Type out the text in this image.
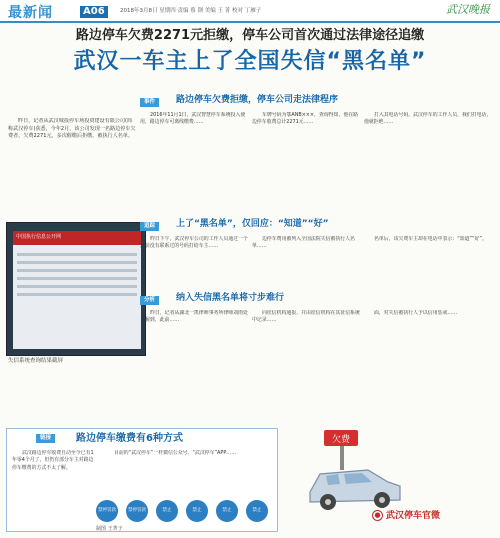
最新闻	A06	2018年3月8日 星期四 责编 蔡 钢 美编 王 菁 校对 丁雁子	武汉晚报
路边停车欠费2271元拒缴，停车公司首次通过法律途径追缴
武汉一车主上了全国失信“黑名单”
昨日，记者从武汉城投停车场投资建设有限公司(简称武汉停车)获悉，今年2月，该公司发现一名路边停车欠费者，欠费2271元，多次催缴后拒缴，被执行人名单。
中国执行信息公开网
失信系统查询结果截屏
事件	路边停车欠费拒缴，停车公司走法律程序
2016年11月1日，武汉智慧停车系统投入使用，路边停车可离线缴费……
车牌号码为鄂ANB×××，查询得知，他在路边停车收费总计2271元……
打入其电话号码。武汉停车的工作人员，我们打电话，他就拒绝……
追踪	上了“黑名单”，仅回应：“知道”“好”
昨日下午，武汉停车公司的工作人员通过一个之前没有联系过的号码打给车主……
边停车费用被列入全国法院失信被执行人名单……
名单后，该欠费车主却在电话中表示：“知道”“好”。
分析	纳入失信黑名单将寸步难行
昨日，记者从湖北一凯律师事务所律师刘雨处了解到，此前……
向征信机构通报，并由征信机构在其征信系统中记录……
面，对失信被执行人予以信用惩戒……
链接	路边停车缴费有6种方式
武汉路边停车收费自动至今已有1年零4个月了，但仍有部分车主对路边停车缴费的方式不太了解。
目前的“武汉停车”一杆微信公众号、“武汉停车”APP……
禁停罚款	禁停罚款	禁止	禁止	禁止	禁止
制图 王菁子
欠费
● 武汉停车官微
